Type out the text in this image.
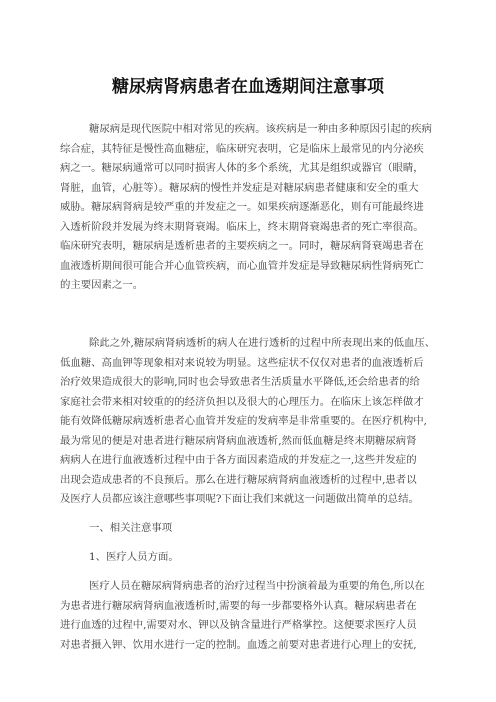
糖尿病肾病患者在血透期间注意事项
糖尿病是现代医院中相对常见的疾病。该疾病是一种由多种原因引起的疾病
综合症，其特征是慢性高血糖症，临床研究表明，它是临床上最常见的内分泌疾
病之一。糖尿病通常可以同时损害人体的多个系统，尤其是组织或器官（眼睛，
肾脏，血管，心脏等）。糖尿病的慢性并发症是对糖尿病患者健康和安全的重大
威胁。糖尿病肾病是较严重的并发症之一。如果疾病逐渐恶化，则有可能最终进
入透析阶段并发展为终末期肾衰竭。临床上，终末期肾衰竭患者的死亡率很高。
临床研究表明，糖尿病是透析患者的主要疾病之一。同时，糖尿病肾衰竭患者在
血液透析期间很可能合并心血管疾病，而心血管并发症是导致糖尿病性肾病死亡
的主要因素之一。
除此之外,糖尿病肾病透析的病人在进行透析的过程中所表现出来的低血压、
低血糖、高血钾等现象相对来说较为明显。这些症状不仅仅对患者的血液透析后
治疗效果造成很大的影响,同时也会导致患者生活质量水平降低,还会给患者的给
家庭社会带来相对较重的的经济负担以及很大的心理压力。在临床上该怎样做才
能有效降低糖尿病透析患者心血管并发症的发病率是非常重要的。在医疗机构中,
最为常见的便是对患者进行糖尿病肾病血液透析,然而低血糖是终末期糖尿病肾
病病人在进行血液透析过程中由于各方面因素造成的并发症之一,这些并发症的
出现会造成患者的不良预后。那么在进行糖尿病肾病血液透析的过程中,患者以
及医疗人员都应该注意哪些事项呢?下面让我们来就这一问题做出简单的总结。
一、相关注意事项
1、医疗人员方面。
医疗人员在糖尿病肾病患者的治疗过程当中扮演着最为重要的角色,所以在
为患者进行糖尿病肾病血液透析时,需要的每一步都要格外认真。糖尿病患者在
进行血透的过程中,需要对水、钾以及钠含量进行严格掌控。这便要求医疗人员
对患者摄入钾、饮用水进行一定的控制。血透之前要对患者进行心理上的安抚,
